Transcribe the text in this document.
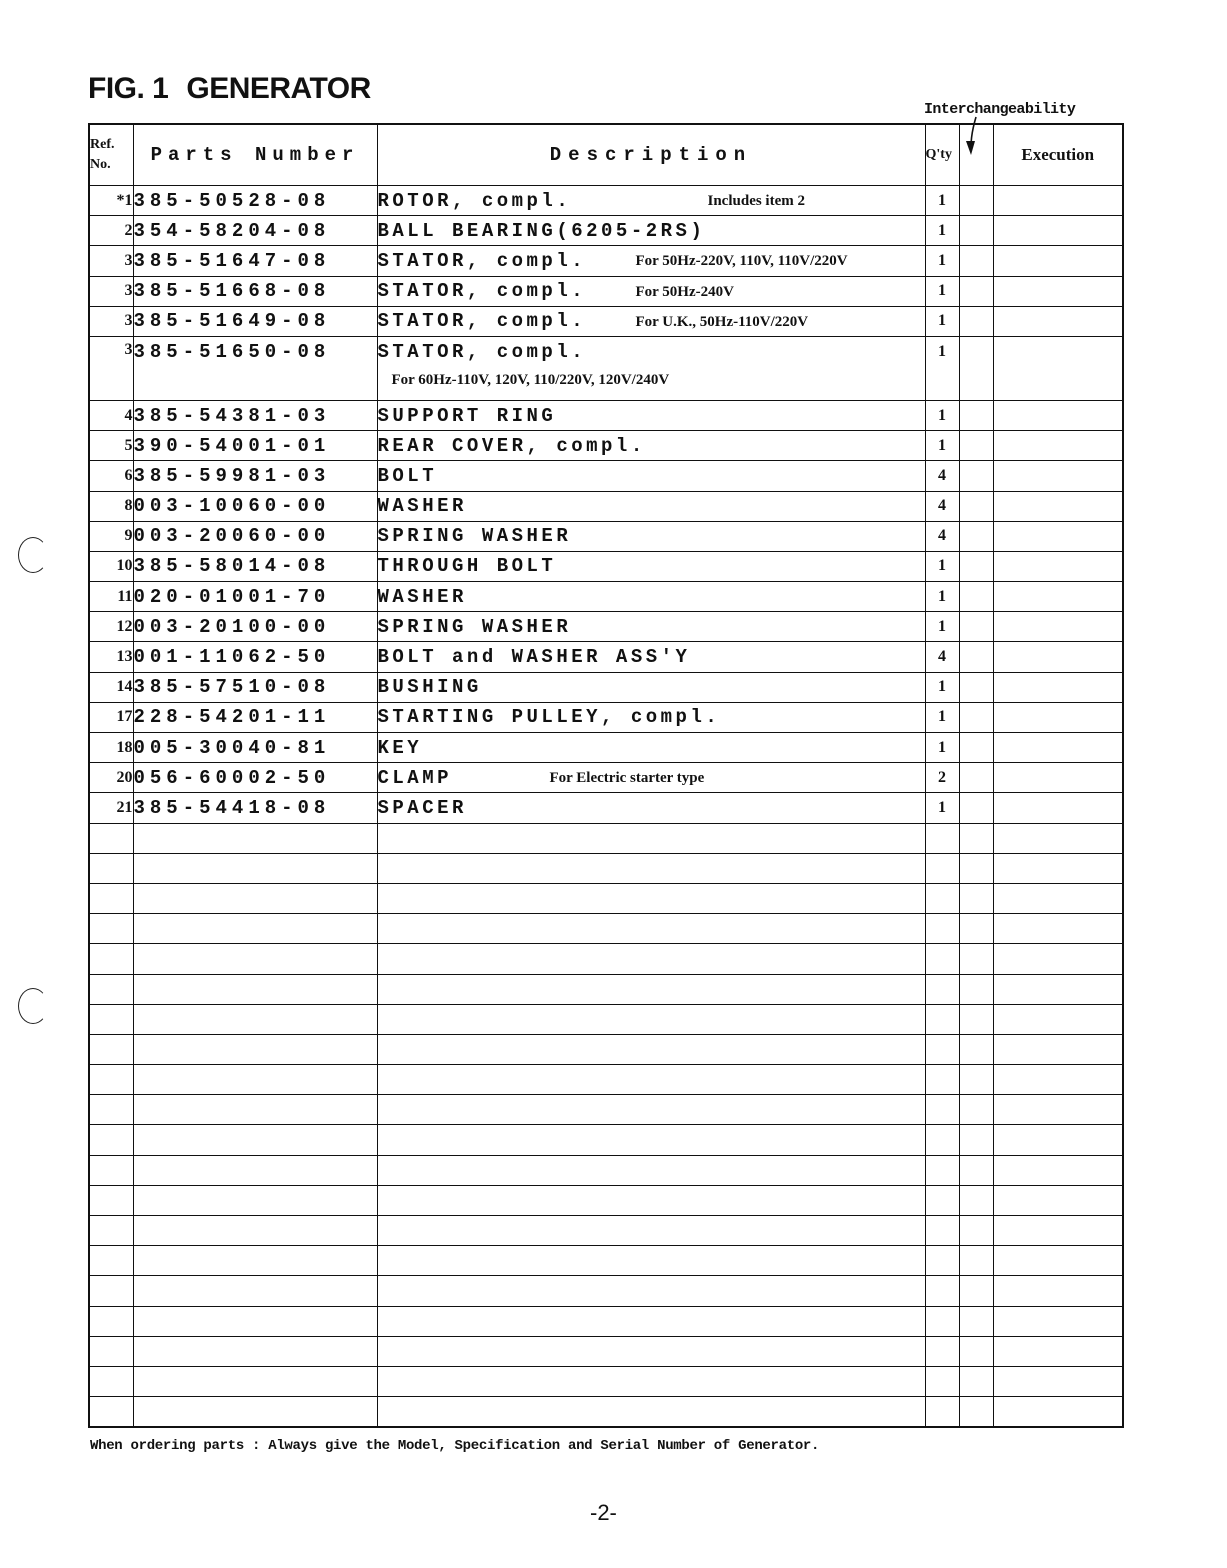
FIG. 1 GENERATOR
Interchangeability
Ref.
No.	Parts Number	Description	Q'ty		Execution
*1	385-50528-08	ROTOR, compl. Includes item 2	1		
2	354-58204-08	BALL BEARING(6205-2RS)	1		
3	385-51647-08	STATOR, compl. For 50Hz-220V, 110V, 110V/220V	1		
3	385-51668-08	STATOR, compl. For 50Hz-240V	1		
3	385-51649-08	STATOR, compl. For U.K., 50Hz-110V/220V	1		
3	385-51650-08	STATOR, compl.
For 60Hz-110V, 120V, 110/220V, 120V/240V	1		
4	385-54381-03	SUPPORT RING	1		
5	390-54001-01	REAR COVER, compl.	1		
6	385-59981-03	BOLT	4		
8	003-10060-00	WASHER	4		
9	003-20060-00	SPRING WASHER	4		
10	385-58014-08	THROUGH BOLT	1		
11	020-01001-70	WASHER	1		
12	003-20100-00	SPRING WASHER	1		
13	001-11062-50	BOLT and WASHER ASS'Y	4		
14	385-57510-08	BUSHING	1		
17	228-54201-11	STARTING PULLEY, compl.	1		
18	005-30040-81	KEY	1		
20	056-60002-50	CLAMP For Electric starter type	2		
21	385-54418-08	SPACER	1		

When ordering parts : Always give the Model, Specification and Serial Number of Generator.
-2-
